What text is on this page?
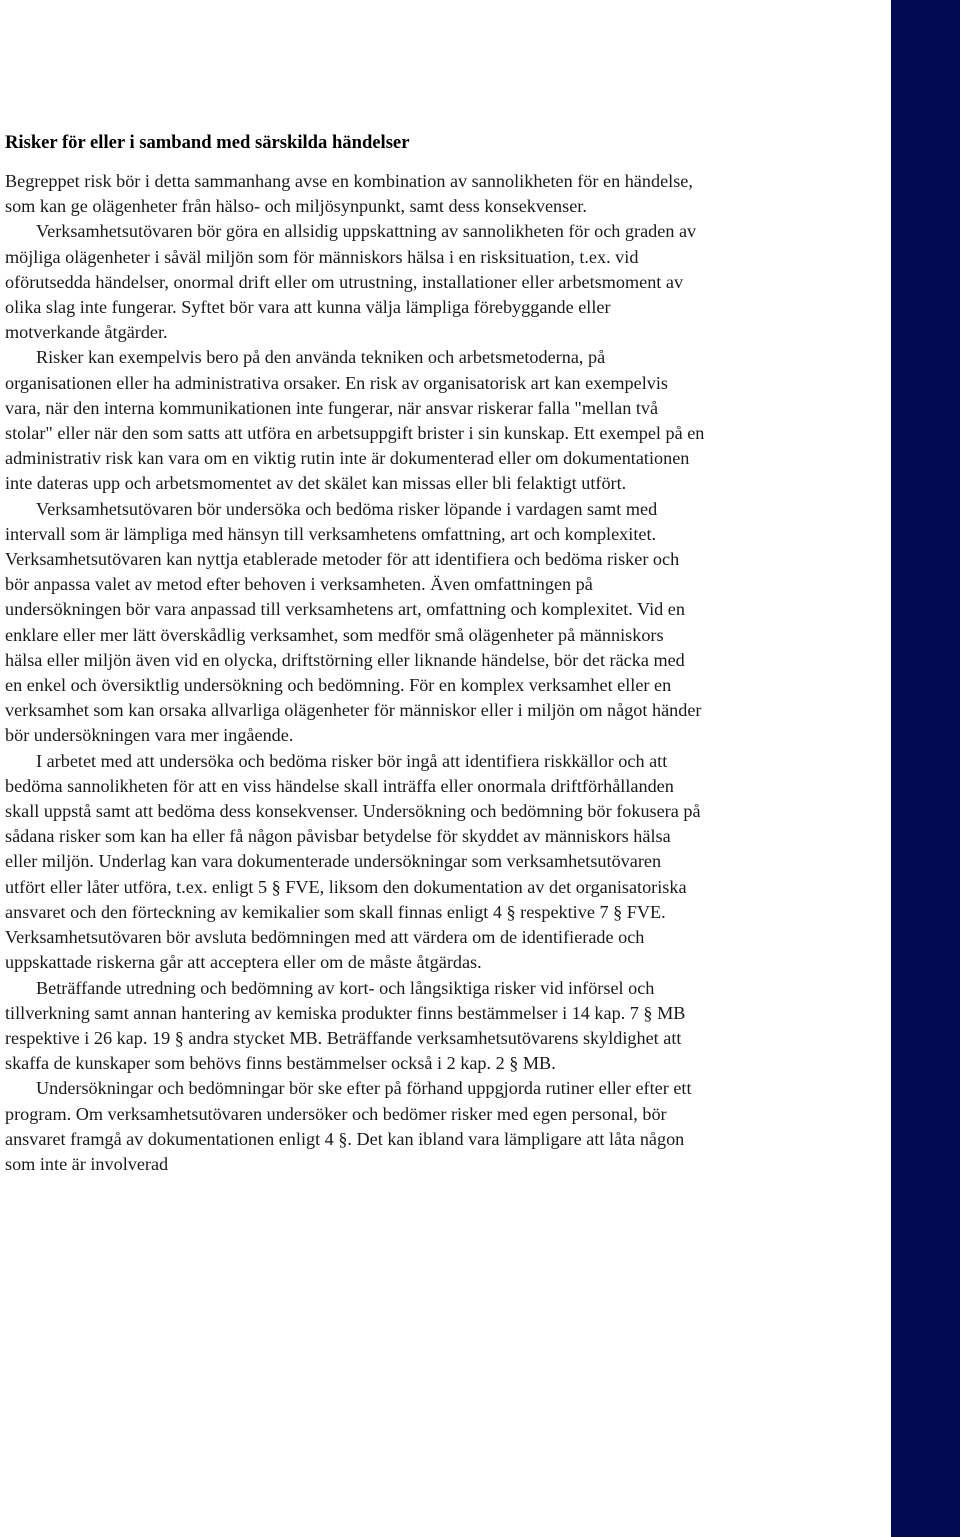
Risker för eller i samband med särskilda händelser

Begreppet risk bör i detta sammanhang avse en kombination av sannolikheten för en händelse, som kan ge olägenheter från hälso- och miljösynpunkt, samt dess konsekvenser.

Verksamhetsutövaren bör göra en allsidig uppskattning av sannolikheten för och graden av möjliga olägenheter i såväl miljön som för människors hälsa i en risksituation, t.ex. vid oförutsedda händelser, onormal drift eller om utrustning, installationer eller arbetsmoment av olika slag inte fungerar. Syftet bör vara att kunna välja lämpliga förebyggande eller motverkande åtgärder.

Risker kan exempelvis bero på den använda tekniken och arbetsmetoderna, på organisationen eller ha administrativa orsaker. En risk av organisatorisk art kan exempelvis vara, när den interna kommunikationen inte fungerar, när ansvar riskerar falla "mellan två stolar" eller när den som satts att utföra en arbetsuppgift brister i sin kunskap. Ett exempel på en administrativ risk kan vara om en viktig rutin inte är dokumenterad eller om dokumentationen inte dateras upp och arbetsmomentet av det skälet kan missas eller bli felaktigt utfört.

Verksamhetsutövaren bör undersöka och bedöma risker löpande i vardagen samt med intervall som är lämpliga med hänsyn till verksamhetens omfattning, art och komplexitet. Verksamhetsutövaren kan nyttja etablerade metoder för att identifiera och bedöma risker och bör anpassa valet av metod efter behoven i verksamheten. Även omfattningen på undersökningen bör vara anpassad till verksamhetens art, omfattning och komplexitet. Vid en enklare eller mer lätt överskådlig verksamhet, som medför små olägenheter på människors hälsa eller miljön även vid en olycka, driftstörning eller liknande händelse, bör det räcka med en enkel och översiktlig undersökning och bedömning. För en komplex verksamhet eller en verksamhet som kan orsaka allvarliga olägenheter för människor eller i miljön om något händer bör undersökningen vara mer ingående.

I arbetet med att undersöka och bedöma risker bör ingå att identifiera riskkällor och att bedöma sannolikheten för att en viss händelse skall inträffa eller onormala driftförhållanden skall uppstå samt att bedöma dess konsekvenser. Undersökning och bedömning bör fokusera på sådana risker som kan ha eller få någon påvisbar betydelse för skyddet av människors hälsa eller miljön. Underlag kan vara dokumenterade undersökningar som verksamhetsutövaren utfört eller låter utföra, t.ex. enligt 5 § FVE, liksom den dokumentation av det organisatoriska ansvaret och den förteckning av kemikalier som skall finnas enligt 4 § respektive 7 § FVE. Verksamhetsutövaren bör avsluta bedömningen med att värdera om de identifierade och uppskattade riskerna går att acceptera eller om de måste åtgärdas.

Beträffande utredning och bedömning av kort- och långsiktiga risker vid införsel och tillverkning samt annan hantering av kemiska produkter finns bestämmelser i 14 kap. 7 § MB respektive i 26 kap. 19 § andra stycket MB. Beträffande verksamhetsutövarens skyldighet att skaffa de kunskaper som behövs finns bestämmelser också i 2 kap. 2 § MB.

Undersökningar och bedömningar bör ske efter på förhand uppgjorda rutiner eller efter ett program. Om verksamhetsutövaren undersöker och bedömer risker med egen personal, bör ansvaret framgå av dokumentationen enligt 4 §. Det kan ibland vara lämpligare att låta någon som inte är involverad
